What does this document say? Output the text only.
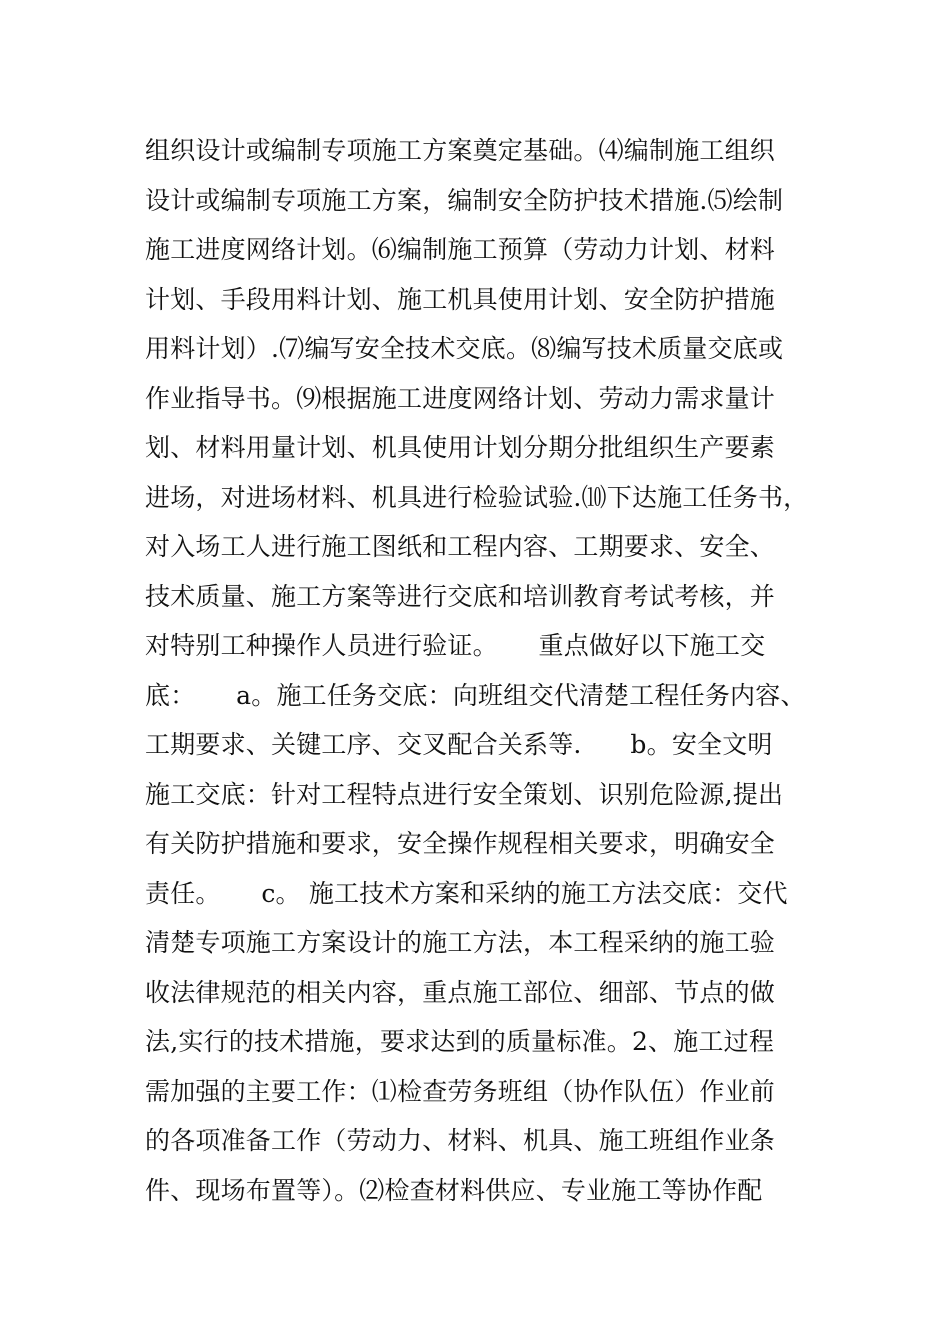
组织设计或编制专项施工方案奠定基础。⑷编制施工组织
设计或编制专项施工方案，编制安全防护技术措施.⑸绘制
施工进度网络计划。⑹编制施工预算（劳动力计划、材料
计划、手段用料计划、施工机具使用计划、安全防护措施
用料计划）.⑺编写安全技术交底。⑻编写技术质量交底或
作业指导书。⑼根据施工进度网络计划、劳动力需求量计
划、材料用量计划、机具使用计划分期分批组织生产要素
进场，对进场材料、机具进行检验试验.⑽下达施工任务书，
对入场工人进行施工图纸和工程内容、工期要求、安全、
技术质量、施工方案等进行交底和培训教育考试考核，并
对特别工种操作人员进行验证。     重点做好以下施工交
底：     a。施工任务交底：向班组交代清楚工程任务内容、
工期要求、关键工序、交叉配合关系等.      b。安全文明
施工交底：针对工程特点进行安全策划、识别危险源,提出
有关防护措施和要求，安全操作规程相关要求，明确安全
责任。     c。 施工技术方案和采纳的施工方法交底：交代
清楚专项施工方案设计的施工方法，本工程采纳的施工验
收法律规范的相关内容，重点施工部位、细部、节点的做
法,实行的技术措施，要求达到的质量标准。2、施工过程
需加强的主要工作：⑴检查劳务班组（协作队伍）作业前
的各项准备工作（劳动力、材料、机具、施工班组作业条
件、现场布置等）。⑵检查材料供应、专业施工等协作配
